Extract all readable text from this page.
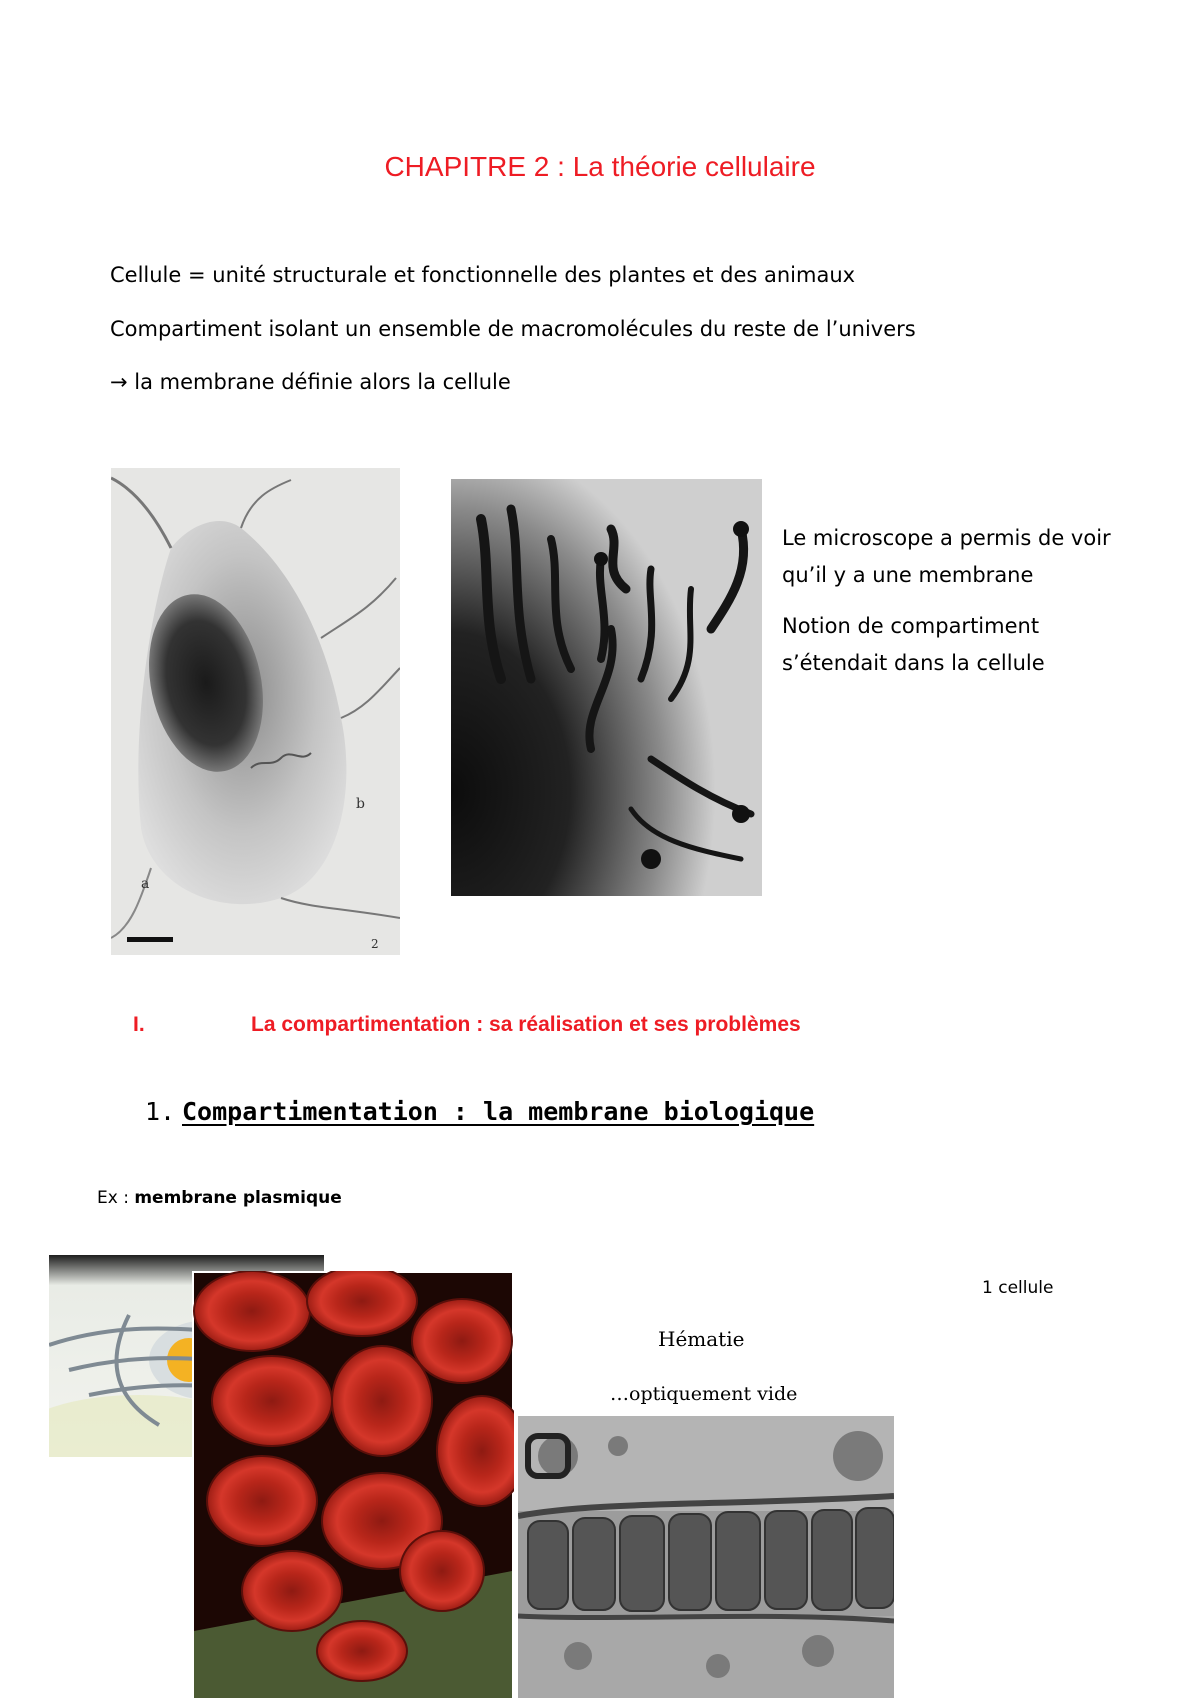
CHAPITRE 2 : La théorie cellulaire
Cellule = unité structurale et fonctionnelle des plantes et des animaux
Compartiment isolant un ensemble de macromolécules du reste de l’univers
→ la membrane définie alors la cellule
a
b
2

Le microscope a permis de voir qu’il y a une membrane

Notion de compartiment s’étendait dans la cellule

I.	La compartimentation : sa réalisation et ses problèmes
1. Compartimentation : la membrane biologique
Ex : membrane plasmique
1 cellule
Hématie
…optiquement vide
